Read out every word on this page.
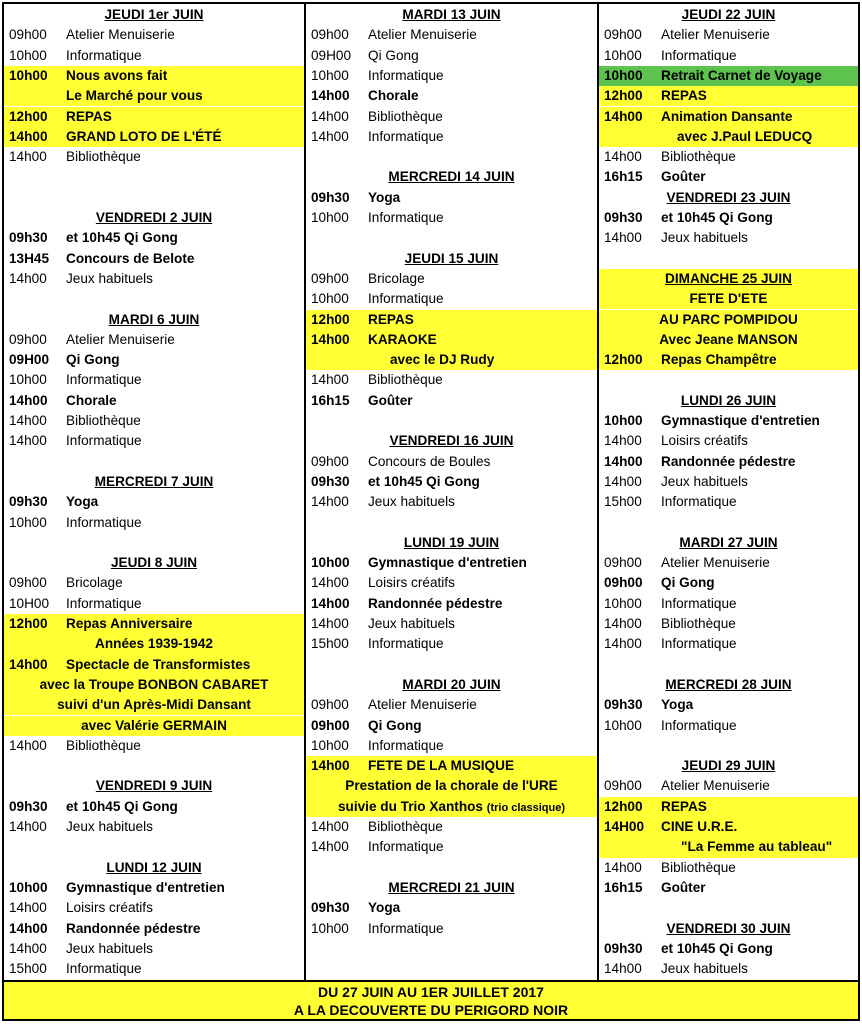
JEUDI 1er JUIN
09h00 Atelier Menuiserie
10h00 Informatique
10h00 Nous avons fait
Le Marché pour vous
12h00 REPAS
14h00 GRAND LOTO DE L'ÉTÉ
14h00 Bibliothèque
VENDREDI 2 JUIN
09h30 et 10h45 Qi Gong
13H45 Concours de Belote
14h00 Jeux habituels
MARDI 6 JUIN
09h00 Atelier Menuiserie
09H00 Qi Gong
10h00 Informatique
14h00 Chorale
14h00 Bibliothèque
14h00 Informatique
MERCREDI 7 JUIN
09h30 Yoga
10h00 Informatique
JEUDI 8 JUIN
09h00 Bricolage
10H00 Informatique
12h00 Repas Anniversaire
Années 1939-1942
14h00 Spectacle de Transformistes
avec la Troupe BONBON CABARET
suivi d'un Après-Midi Dansant
avec Valérie GERMAIN
14h00 Bibliothèque
VENDREDI 9 JUIN
09h30 et 10h45 Qi Gong
14h00 Jeux habituels
LUNDI 12 JUIN
10h00 Gymnastique d'entretien
14h00 Loisirs créatifs
14h00 Randonnée pédestre
14h00 Jeux habituels
15h00 Informatique
MARDI 13 JUIN
09h00 Atelier Menuiserie
09H00 Qi Gong
10h00 Informatique
14h00 Chorale
14h00 Bibliothèque
14h00 Informatique
MERCREDI 14 JUIN
09h30 Yoga
10h00 Informatique
JEUDI 15 JUIN
09h00 Bricolage
10h00 Informatique
12h00 REPAS
14h00 KARAOKE
avec le DJ Rudy
14h00 Bibliothèque
16h15 Goûter
VENDREDI 16 JUIN
09h00 Concours de Boules
09h30 et 10h45 Qi Gong
14h00 Jeux habituels
LUNDI 19 JUIN
10h00 Gymnastique d'entretien
14h00 Loisirs créatifs
14h00 Randonnée pédestre
14h00 Jeux habituels
15h00 Informatique
MARDI 20 JUIN
09h00 Atelier Menuiserie
09h00 Qi Gong
10h00 Informatique
14h00 FETE DE LA MUSIQUE
Prestation de la chorale de l'URE
suivie du Trio Xanthos (trio classique)
14h00 Bibliothèque
14h00 Informatique
MERCREDI 21 JUIN
09h30 Yoga
10h00 Informatique
JEUDI 22 JUIN
09h00 Atelier Menuiserie
10h00 Informatique
10h00 Retrait Carnet de Voyage
12h00 REPAS
14h00 Animation Dansante
avec J.Paul LEDUCQ
14h00 Bibliothèque
16h15 Goûter
VENDREDI 23 JUIN
09h30 et 10h45 Qi Gong
14h00 Jeux habituels
DIMANCHE 25 JUIN
FETE D'ETE
AU PARC POMPIDOU
Avec Jeane MANSON
12h00 Repas Champêtre
LUNDI 26 JUIN
10h00 Gymnastique d'entretien
14h00 Loisirs créatifs
14h00 Randonnée pédestre
14h00 Jeux habituels
15h00 Informatique
MARDI 27 JUIN
09h00 Atelier Menuiserie
09h00 Qi Gong
10h00 Informatique
14h00 Bibliothèque
14h00 Informatique
MERCREDI 28 JUIN
09h30 Yoga
10h00 Informatique
JEUDI 29 JUIN
09h00 Atelier Menuiserie
12h00 REPAS
14H00 CINE U.R.E.
"La Femme au tableau"
14h00 Bibliothèque
16h15 Goûter
VENDREDI 30 JUIN
09h30 et 10h45 Qi Gong
14h00 Jeux habituels
DU 27 JUIN AU 1ER JUILLET 2017
A LA DECOUVERTE DU PERIGORD NOIR
